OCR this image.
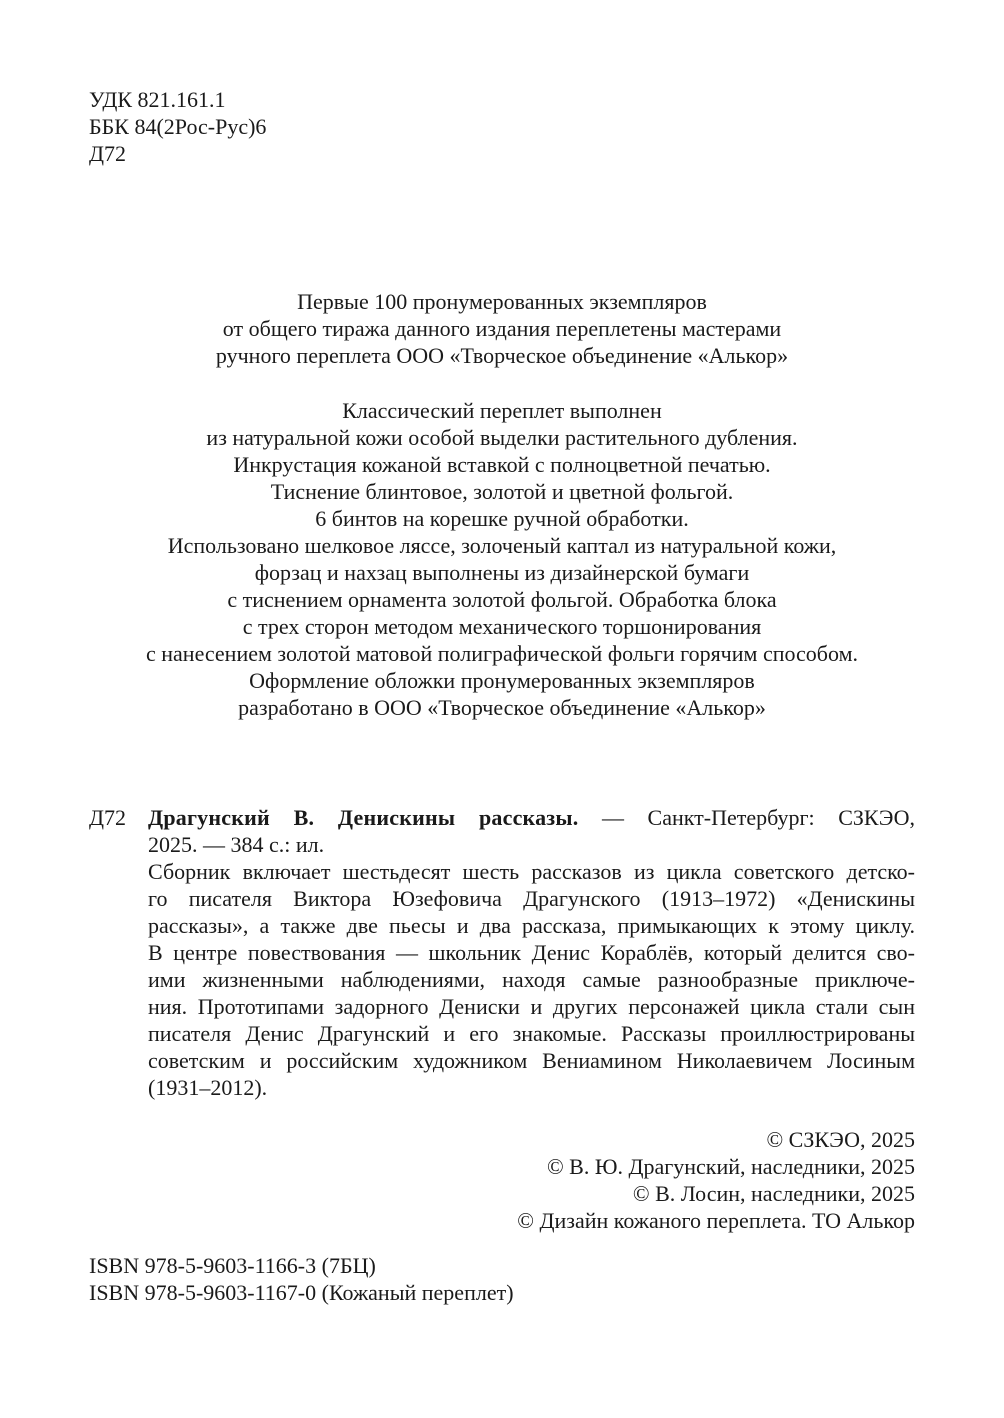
УДК 821.161.1
ББК 84(2Рос-Рус)6
Д72
Первые 100 пронумерованных экземпляров
от общего тиража данного издания переплетены мастерами
ручного переплета ООО «Творческое объединение «Алькор»
Классический переплет выполнен
из натуральной кожи особой выделки растительного дубления.
Инкрустация кожаной вставкой с полноцветной печатью.
Тиснение блинтовое, золотой и цветной фольгой.
6 бинтов на корешке ручной обработки.
Использовано шелковое ляссе, золоченый каптал из натуральной кожи,
форзац и нахзац выполнены из дизайнерской бумаги
с тиснением орнамента золотой фольгой. Обработка блока
с трех сторон методом механического торшонирования
с нанесением золотой матовой полиграфической фольги горячим способом.
Оформление обложки пронумерованных экземпляров
разработано в ООО «Творческое объединение «Алькор»
Д72 Драгунский В. Денискины рассказы. — Санкт-Петербург: СЗКЭО,
2025. — 384 с.: ил.
Сборник включает шестьдесят шесть рассказов из цикла советского детско-
го писателя Виктора Юзефовича Драгунского (1913–1972) «Денискины
рассказы», а также две пьесы и два рассказа, примыкающих к этому циклу.
В центре повествования — школьник Денис Кораблёв, который делится сво-
ими жизненными наблюдениями, находя самые разнообразные приключе-
ния. Прототипами задорного Дениски и других персонажей цикла стали сын
писателя Денис Драгунский и его знакомые. Рассказы проиллюстрированы
советским и российским художником Вениамином Николаевичем Лосиным
(1931–2012).
© СЗКЭО, 2025
© В. Ю. Драгунский, наследники, 2025
© В. Лосин, наследники, 2025
© Дизайн кожаного переплета. ТО Алькор
ISBN 978-5-9603-1166-3 (7БЦ)
ISBN 978-5-9603-1167-0 (Кожаный переплет)
